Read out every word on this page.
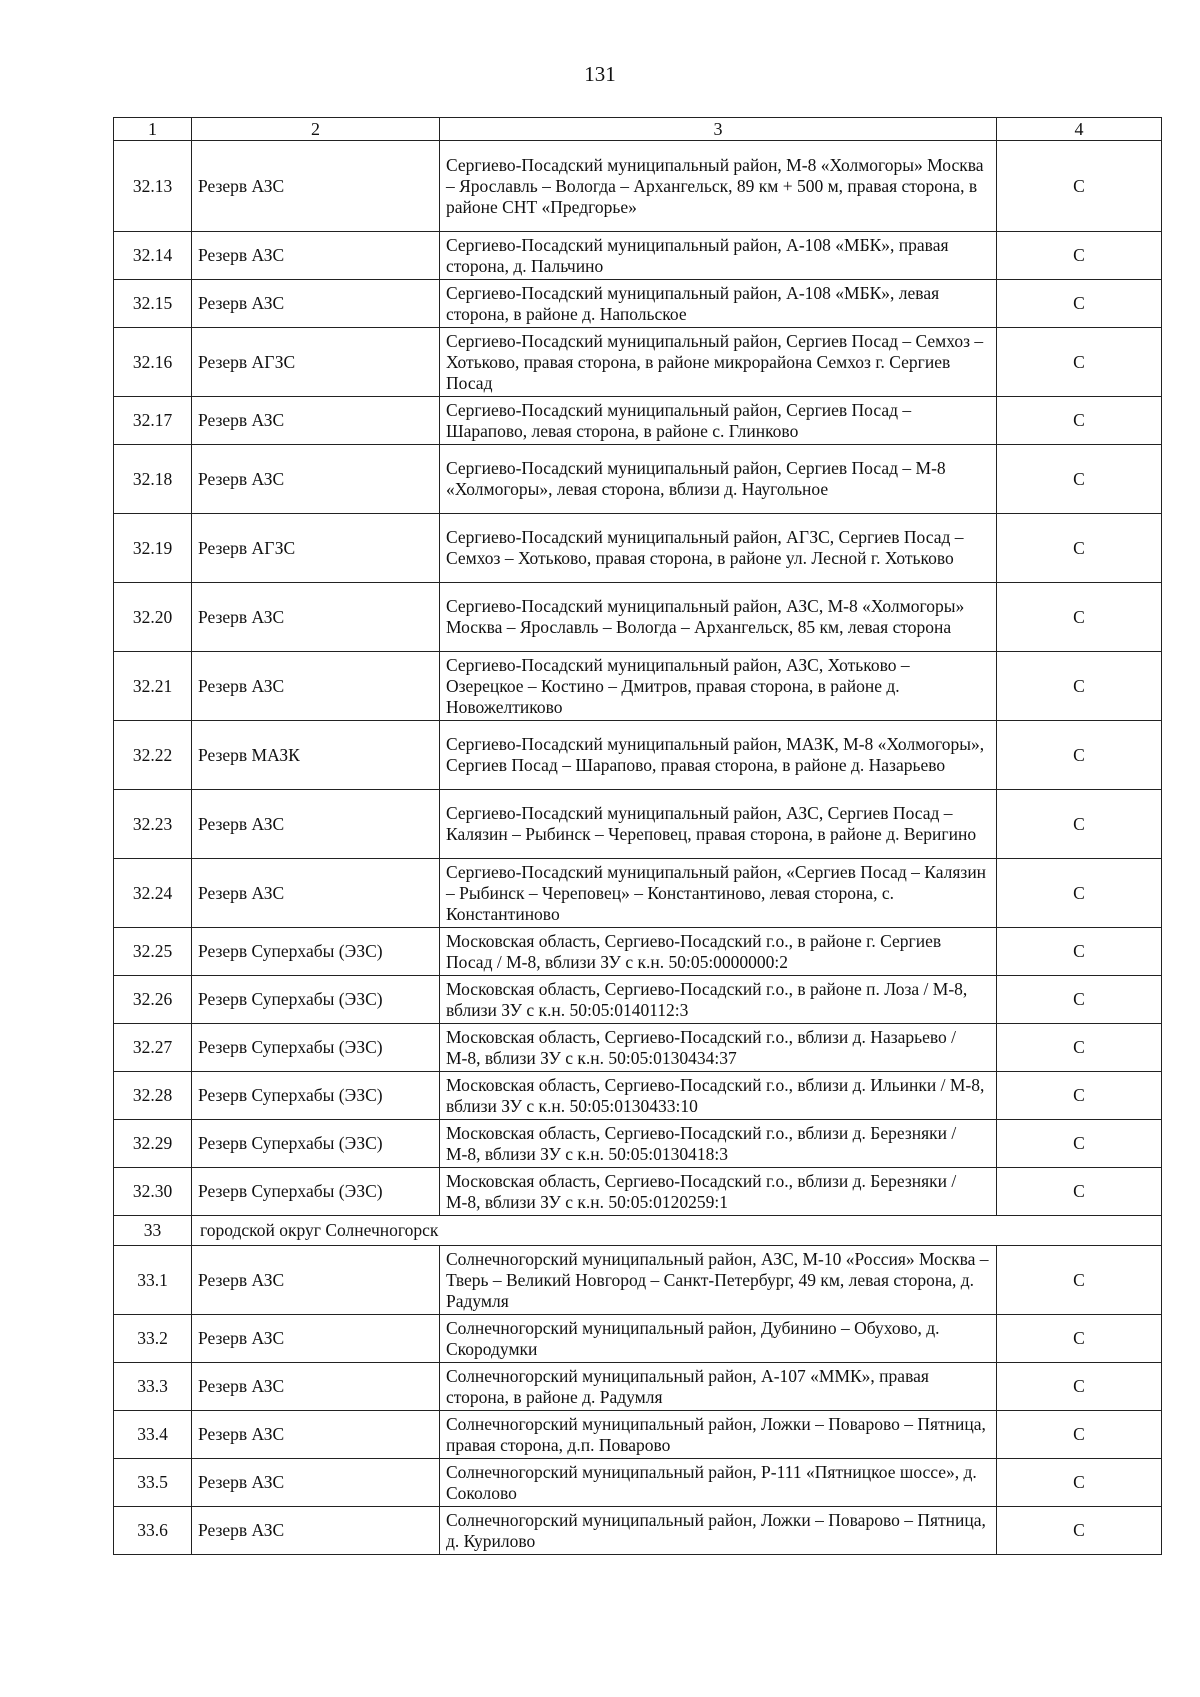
131
1	2	3	4
32.13	Резерв АЗС	Сергиево-Посадский муниципальный район, М-8 «Холмогоры» Москва – Ярославль – Вологда – Архангельск, 89 км + 500 м, правая сторона, в районе СНТ «Предгорье»	С
32.14	Резерв АЗС	Сергиево-Посадский муниципальный район, А-108 «МБК», правая сторона, д. Пальчино	С
32.15	Резерв АЗС	Сергиево-Посадский муниципальный район, А-108 «МБК», левая сторона, в районе д. Напольское	С
32.16	Резерв АГЗС	Сергиево-Посадский муниципальный район, Сергиев Посад – Семхоз – Хотьково, правая сторона, в районе микрорайона Семхоз г. Сергиев Посад	С
32.17	Резерв АЗС	Сергиево-Посадский муниципальный район, Сергиев Посад – Шарапово, левая сторона, в районе с. Глинково	С
32.18	Резерв АЗС	Сергиево-Посадский муниципальный район, Сергиев Посад – М-8 «Холмогоры», левая сторона, вблизи д. Наугольное	С
32.19	Резерв АГЗС	Сергиево-Посадский муниципальный район, АГЗС, Сергиев Посад – Семхоз – Хотьково, правая сторона, в районе ул. Лесной г. Хотьково	С
32.20	Резерв АЗС	Сергиево-Посадский муниципальный район, АЗС, М-8 «Холмогоры» Москва – Ярославль – Вологда – Архангельск, 85 км, левая сторона	С
32.21	Резерв АЗС	Сергиево-Посадский муниципальный район, АЗС, Хотьково – Озерецкое – Костино – Дмитров, правая сторона, в районе д. Новожелтиково	С
32.22	Резерв МАЗК	Сергиево-Посадский муниципальный район, МАЗК, М-8 «Холмогоры», Сергиев Посад – Шарапово, правая сторона, в районе д. Назарьево	С
32.23	Резерв АЗС	Сергиево-Посадский муниципальный район, АЗС, Сергиев Посад – Калязин – Рыбинск – Череповец, правая сторона, в районе д. Веригино	С
32.24	Резерв АЗС	Сергиево-Посадский муниципальный район, «Сергиев Посад – Калязин – Рыбинск – Череповец» – Константиново, левая сторона, с. Константиново	С
32.25	Резерв Суперхабы (ЭЗС)	Московская область, Сергиево-Посадский г.о., в районе г. Сергиев Посад / М-8, вблизи ЗУ с к.н. 50:05:0000000:2	С
32.26	Резерв Суперхабы (ЭЗС)	Московская область, Сергиево-Посадский г.о., в районе п. Лоза / М-8, вблизи ЗУ с к.н. 50:05:0140112:3	С
32.27	Резерв Суперхабы (ЭЗС)	Московская область, Сергиево-Посадский г.о., вблизи д. Назарьево / М-8, вблизи ЗУ с к.н. 50:05:0130434:37	С
32.28	Резерв Суперхабы (ЭЗС)	Московская область, Сергиево-Посадский г.о., вблизи д. Ильинки / М-8, вблизи ЗУ с к.н. 50:05:0130433:10	С
32.29	Резерв Суперхабы (ЭЗС)	Московская область, Сергиево-Посадский г.о., вблизи д. Березняки / М-8, вблизи ЗУ с к.н. 50:05:0130418:3	С
32.30	Резерв Суперхабы (ЭЗС)	Московская область, Сергиево-Посадский г.о., вблизи д. Березняки / М-8, вблизи ЗУ с к.н. 50:05:0120259:1	С
33	городской округ Солнечногорск		
33.1	Резерв АЗС	Солнечногорский муниципальный район, АЗС, М-10 «Россия» Москва – Тверь – Великий Новгород – Санкт-Петербург, 49 км, левая сторона, д. Радумля	С
33.2	Резерв АЗС	Солнечногорский муниципальный район, Дубинино – Обухово, д. Скородумки	С
33.3	Резерв АЗС	Солнечногорский муниципальный район, А-107 «ММК», правая сторона, в районе д. Радумля	С
33.4	Резерв АЗС	Солнечногорский муниципальный район, Ложки – Поварово – Пятница, правая сторона, д.п. Поварово	С
33.5	Резерв АЗС	Солнечногорский муниципальный район, Р-111 «Пятницкое шоссе», д. Соколово	С
33.6	Резерв АЗС	Солнечногорский муниципальный район, Ложки – Поварово – Пятница, д. Курилово	С
